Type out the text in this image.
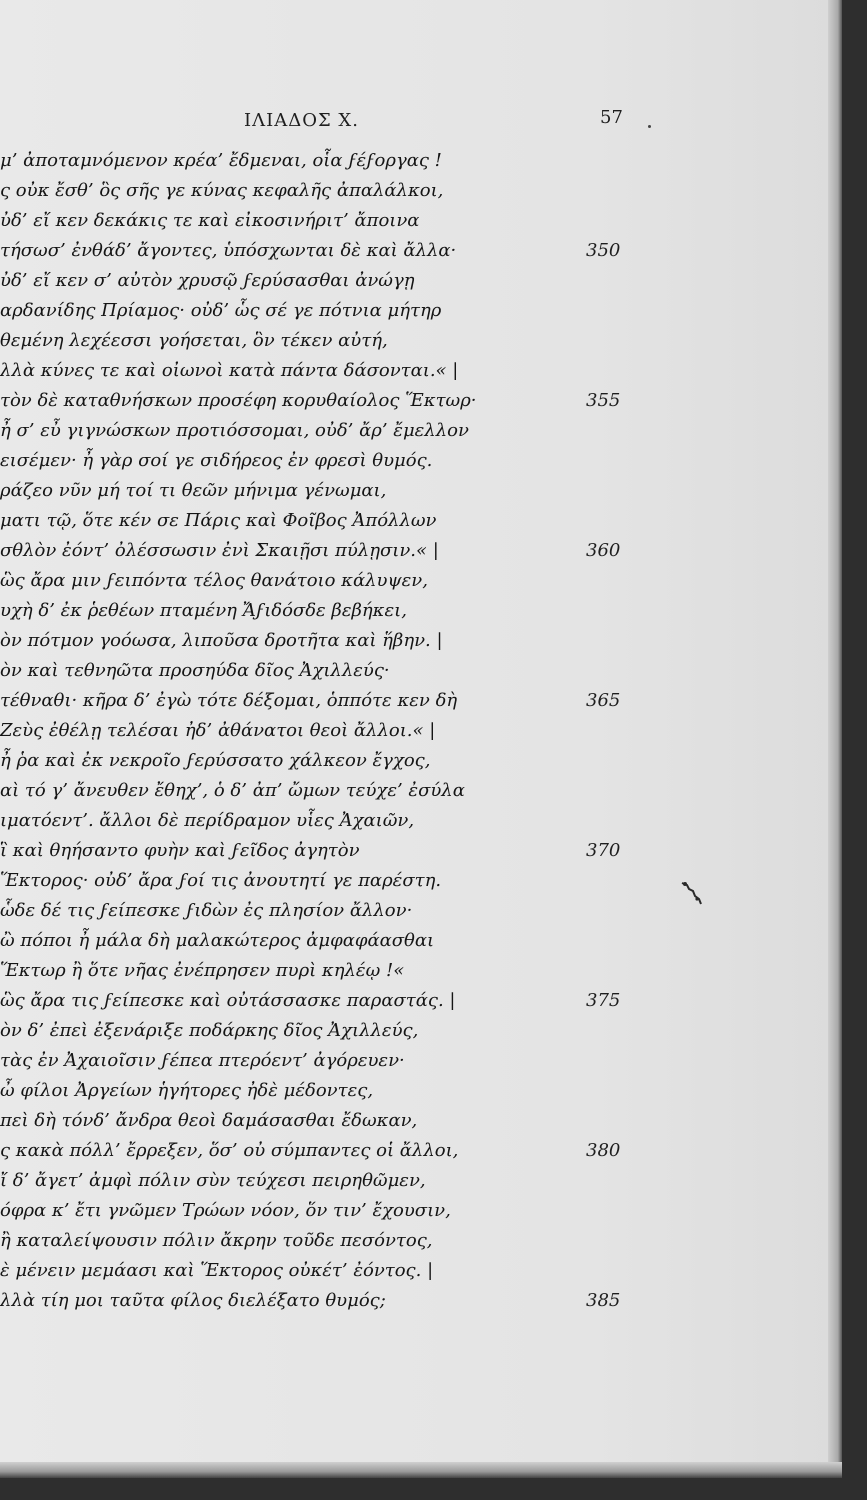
ΙΛΙΑΔΟΣ Χ.	57
μ’ ἀποταμνόμενον κρέα’ ἔδμεναι, οἷα ϝέϝοργας !
ς οὐκ ἔσθ’ ὃς σῆς γε κύνας κεφαλῆς ἀπαλάλκοι,
ὐδ’ εἴ κεν δεκάκις τε καὶ εἰκοσινήριτ’ ἄποινα
τήσωσ’ ἐνθάδ’ ἄγοντες, ὑπόσχωνται δὲ καὶ ἄλλα·	350
ὐδ’ εἴ κεν σ’ αὐτὸν χρυσῷ ϝερύσασθαι ἀνώγῃ
αρδανίδης Πρίαμος· οὐδ’ ὧς σέ γε πότνια μήτηρ
θεμένη λεχέεσσι γοήσεται, ὃν τέκεν αὐτή,
λλὰ κύνες τε καὶ οἰωνοὶ κατὰ πάντα δάσονται.« |
τὸν δὲ καταθνήσκων προσέφη κορυθαίολος Ἕκτωρ·	355
ἦ σ’ εὖ γιγνώσκων προτιόσσομαι, οὐδ’ ἄρ’ ἔμελλον
εισέμεν· ἦ γὰρ σοί γε σιδήρεος ἐν φρεσὶ θυμός.
ράζεο νῦν μή τοί τι θεῶν μήνιμα γένωμαι,
ματι τῷ, ὅτε κέν σε Πάρις καὶ Φοῖβος Ἀπόλλων
σθλὸν ἐόντ’ ὀλέσσωσιν ἐνὶ Σκαιῇσι πύλῃσιν.« |	360
ὣς ἄρα μιν ϝειπόντα τέλος θανάτοιο κάλυψεν,
υχὴ δ’ ἐκ ῥεθέων πταμένη Ἄϝιδόσδε βεβήκει,
ὸν πότμον γοόωσα, λιποῦσα δροτῆτα καὶ ἥβην. |
ὸν καὶ τεθνηῶτα προσηύδα δῖος Ἀχιλλεύς·
τέθναθι· κῆρα δ’ ἐγὼ τότε δέξομαι, ὁππότε κεν δὴ	365
Ζεὺς ἐθέλῃ τελέσαι ἠδ’ ἀθάνατοι θεοὶ ἄλλοι.« |
ἦ ῥα καὶ ἐκ νεκροῖο ϝερύσσατο χάλκεον ἔγχος,
αὶ τό γ’ ἄνευθεν ἔθηχ’, ὁ δ’ ἀπ’ ὤμων τεύχε’ ἐσύλα
ιματόεντ’. ἄλλοι δὲ περίδραμον υἷες Ἀχαιῶν,
ἳ καὶ θηήσαντο φυὴν καὶ ϝεῖδος ἀγητὸν	370
Ἕκτορος· οὐδ’ ἄρα ϝοί τις ἀνουτητί γε παρέστη.
ὧδε δέ τις ϝείπεσκε ϝιδὼν ἐς πλησίον ἄλλον·
ὢ πόποι ἦ μάλα δὴ μαλακώτερος ἀμφαφάασθαι
Ἕκτωρ ἢ ὅτε νῆας ἐνέπρησεν πυρὶ κηλέῳ !«
ὣς ἄρα τις ϝείπεσκε καὶ οὐτάσσασκε παραστάς. |	375
ὸν δ’ ἐπεὶ ἐξενάριξε ποδάρκης δῖος Ἀχιλλεύς,
τὰς ἐν Ἀχαιοῖσιν ϝέπεα πτερόεντ’ ἀγόρευεν·
ὦ φίλοι Ἀργείων ἡγήτορες ἠδὲ μέδοντες,
πεὶ δὴ τόνδ’ ἄνδρα θεοὶ δαμάσασθαι ἔδωκαν,
ς κακὰ πόλλ’ ἔρρεξεν, ὅσ’ οὐ σύμπαντες οἱ ἄλλοι,	380
ἴ δ’ ἄγετ’ ἀμφὶ πόλιν σὺν τεύχεσι πειρηθῶμεν,
όφρα κ’ ἔτι γνῶμεν Τρώων νόον, ὅν τιν’ ἔχουσιν,
ἢ καταλείψουσιν πόλιν ἄκρην τοῦδε πεσόντος,
ὲ μένειν μεμάασι καὶ Ἕκτορος οὐκέτ’ ἐόντος. |
λλὰ τίη μοι ταῦτα φίλος διελέξατο θυμός;	385
